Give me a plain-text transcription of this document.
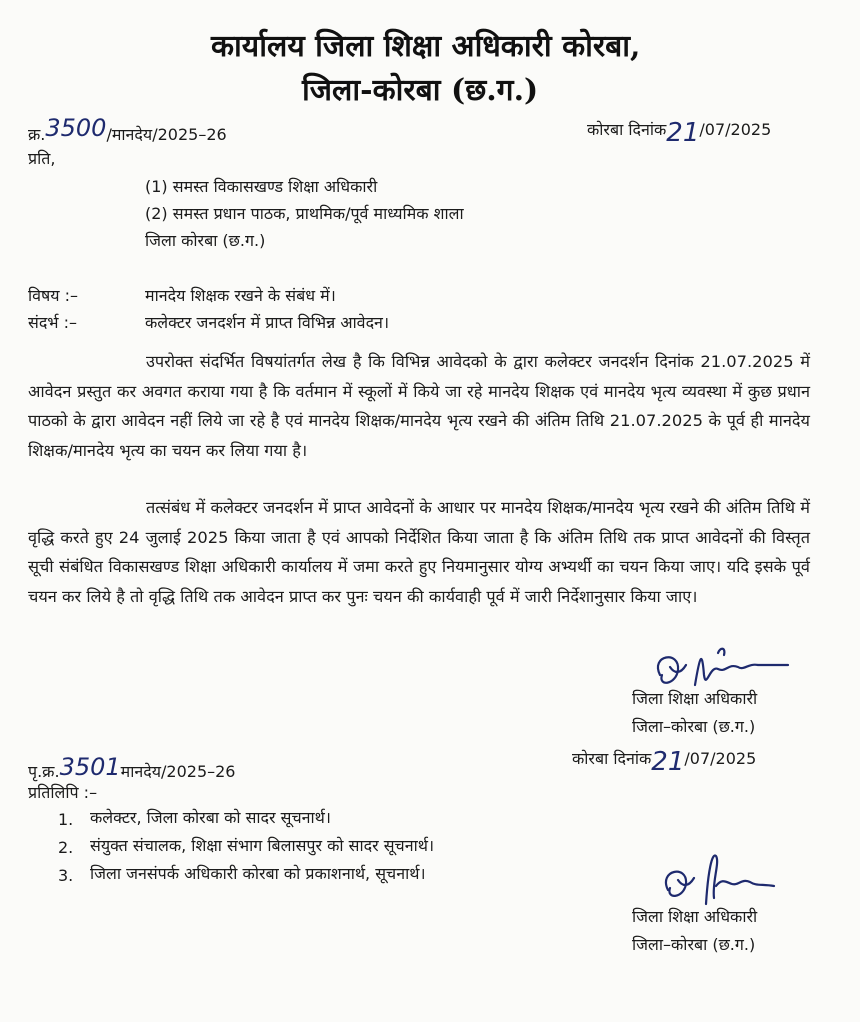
कार्यालय जिला शिक्षा अधिकारी कोरबा,
जिला-कोरबा (छ.ग.)
क्र.3500/मानदेय/2025–26	कोरबा दिनांक21/07/2025
प्रति,
(1) समस्त विकासखण्ड शिक्षा अधिकारी
(2) समस्त प्रधान पाठक, प्राथमिक/पूर्व माध्यमिक शाला
जिला कोरबा (छ.ग.)
विषय :–	मानदेय शिक्षक रखने के संबंध में।
संदर्भ :–	कलेक्टर जनदर्शन में प्राप्त विभिन्न आवेदन।
उपरोक्त संदर्भित विषयांतर्गत लेख है कि विभिन्न आवेदको के द्वारा कलेक्टर जनदर्शन दिनांक 21.07.2025 में आवेदन प्रस्तुत कर अवगत कराया गया है कि वर्तमान में स्कूलों में किये जा रहे मानदेय शिक्षक एवं मानदेय भृत्य व्यवस्था में कुछ प्रधान पाठको के द्वारा आवेदन नहीं लिये जा रहे है एवं मानदेय शिक्षक/मानदेय भृत्य रखने की अंतिम तिथि 21.07.2025 के पूर्व ही मानदेय शिक्षक/मानदेय भृत्य का चयन कर लिया गया है।
तत्संबंध में कलेक्टर जनदर्शन में प्राप्त आवेदनों के आधार पर मानदेय शिक्षक/मानदेय भृत्य रखने की अंतिम तिथि में वृद्धि करते हुए 24 जुलाई 2025 किया जाता है एवं आपको निर्देशित किया जाता है कि अंतिम तिथि तक प्राप्त आवेदनों की विस्तृत सूची संबंधित विकासखण्ड शिक्षा अधिकारी कार्यालय में जमा करते हुए नियमानुसार योग्य अभ्यर्थी का चयन किया जाए। यदि इसके पूर्व चयन कर लिये है तो वृद्धि तिथि तक आवेदन प्राप्त कर पुनः चयन की कार्यवाही पूर्व में जारी निर्देशानुसार किया जाए।
जिला शिक्षा अधिकारी
जिला–कोरबा (छ.ग.)
पृ.क्र.3501मानदेय/2025–26
कोरबा दिनांक21/07/2025
प्रतिलिपि :–
1. कलेक्टर, जिला कोरबा को सादर सूचनार्थ।
2. संयुक्त संचालक, शिक्षा संभाग बिलासपुर को सादर सूचनार्थ।
3. जिला जनसंपर्क अधिकारी कोरबा को प्रकाशनार्थ, सूचनार्थ।
जिला शिक्षा अधिकारी
जिला–कोरबा (छ.ग.)
